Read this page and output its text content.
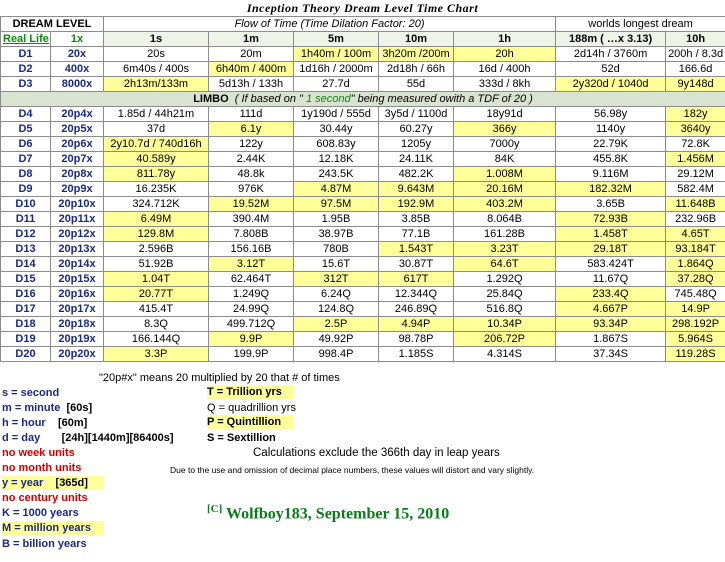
Inception Theory Dream Level Time Chart
DREAM LEVEL		Flow of Time (Time Dilation Factor: 20)					worlds longest dream	
Real Life	1x	1s	1m	5m	10m	1h	188m ( …x 3.13)	10h
D1	20x	20s	20m	1h40m / 100m	3h20m /200m	20h	2d14h / 3760m	200h / 8.3d
D2	400x	6m40s / 400s	6h40m / 400m	1d16h / 2000m	2d18h / 66h	16d / 400h	52d	166.6d
D3	8000x	2h13m/133m	5d13h / 133h	27.7d	55d	333d / 8kh	2y320d / 1040d	9y148d
LIMBO ( If based on " 1 second" being measured owith a TDF of 20 )								
D4	20p4x	1.85d / 44h21m	111d	1y190d / 555d	3y5d / 1100d	18y91d	56.98y	182y
D5	20p5x	37d	6.1y	30.44y	60.27y	366y	1140y	3640y
D6	20p6x	2y10.7d / 740d16h	122y	608.83y	1205y	7000y	22.79K	72.8K
D7	20p7x	40.589y	2.44K	12.18K	24.11K	84K	455.8K	1.456M
D8	20p8x	811.78y	48.8k	243.5K	482.2K	1.008M	9.116M	29.12M
D9	20p9x	16.235K	976K	4.87M	9.643M	20.16M	182.32M	582.4M
D10	20p10x	324.712K	19.52M	97.5M	192.9M	403.2M	3.65B	11.648B
D11	20p11x	6.49M	390.4M	1.95B	3.85B	8.064B	72.93B	232.96B
D12	20p12x	129.8M	7.808B	38.97B	77.1B	161.28B	1.458T	4.65T
D13	20p13x	2.596B	156.16B	780B	1.543T	3.23T	29.18T	93.184T
D14	20p14x	51.92B	3.12T	15.6T	30.87T	64.6T	583.424T	1.864Q
D15	20p15x	1.04T	62.464T	312T	617T	1.292Q	11.67Q	37.28Q
D16	20p16x	20.77T	1.249Q	6.24Q	12.344Q	25.84Q	233.4Q	745.48Q
D17	20p17x	415.4T	24.99Q	124.8Q	246.89Q	516.8Q	4.667P	14.9P
D18	20p18x	8.3Q	499.712Q	2.5P	4.94P	10.34P	93.34P	298.192P
D19	20p19x	166.144Q	9.9P	49.92P	98.78P	206.72P	1.867S	5.964S
D20	20p20x	3.3P	199.9P	998.4P	1.185S	4.314S	37.34S	119.28S
"20p#x" means 20 multiplied by 20 that # of times
s = second
m = minute [60s]
h = hour [60m]
d = day [24h][1440m][86400s]
no week units
no month units
y = year [365d]
no century units
K = 1000 years
M = million years
B = billion years
T = Trillion yrs
Q = quadrillion yrs
P = Quintillion
S = Sextillion
Calculations exclude the 366th day in leap years
Due to the use and omission of decimal place numbers, these values will distort and vary slightly.
[C] Wolfboy183, September 15, 2010
